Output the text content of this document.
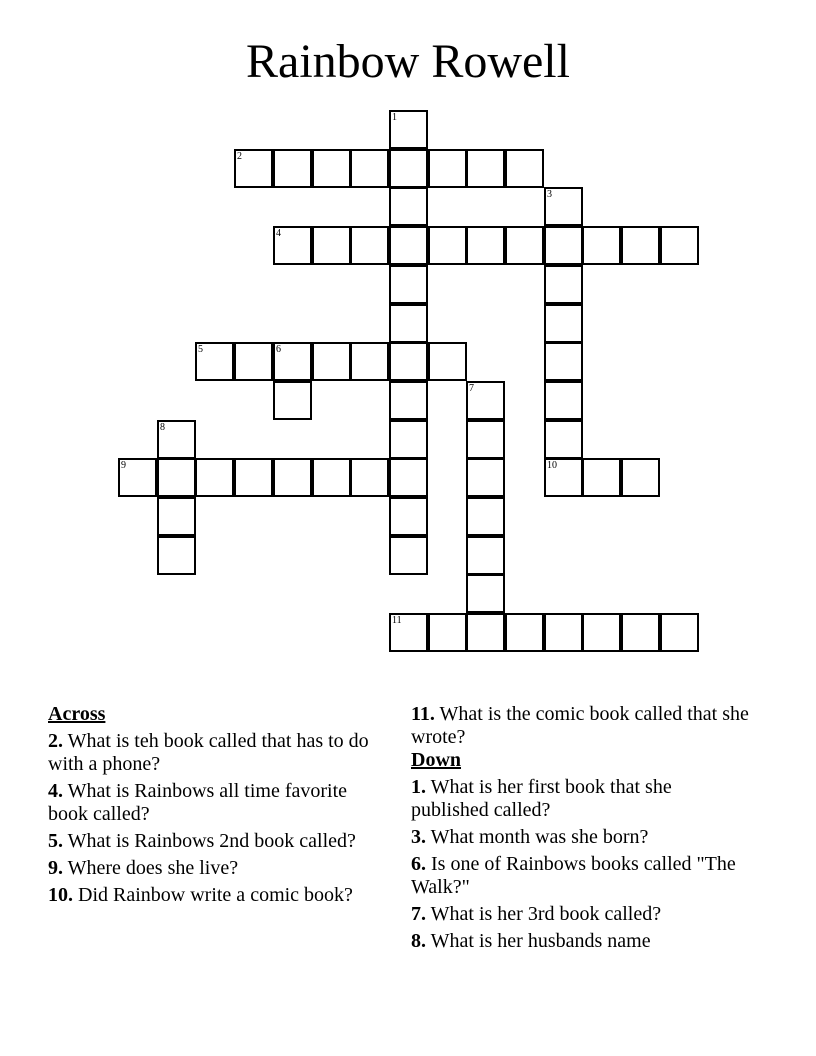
Rainbow Rowell
1
2
3
4
5	6
7
8
9	10
11
Across
2. What is teh book called that has to do with a phone?
4. What is Rainbows all time favorite book called?
5. What is Rainbows 2nd book called?
9. Where does she live?
10. Did Rainbow write a comic book?
11. What is the comic book called that she wrote?
Down
1. What is her first book that she published called?
3. What month was she born?
6. Is one of Rainbows books called "The Walk?"
7. What is her 3rd book called?
8. What is her husbands name
